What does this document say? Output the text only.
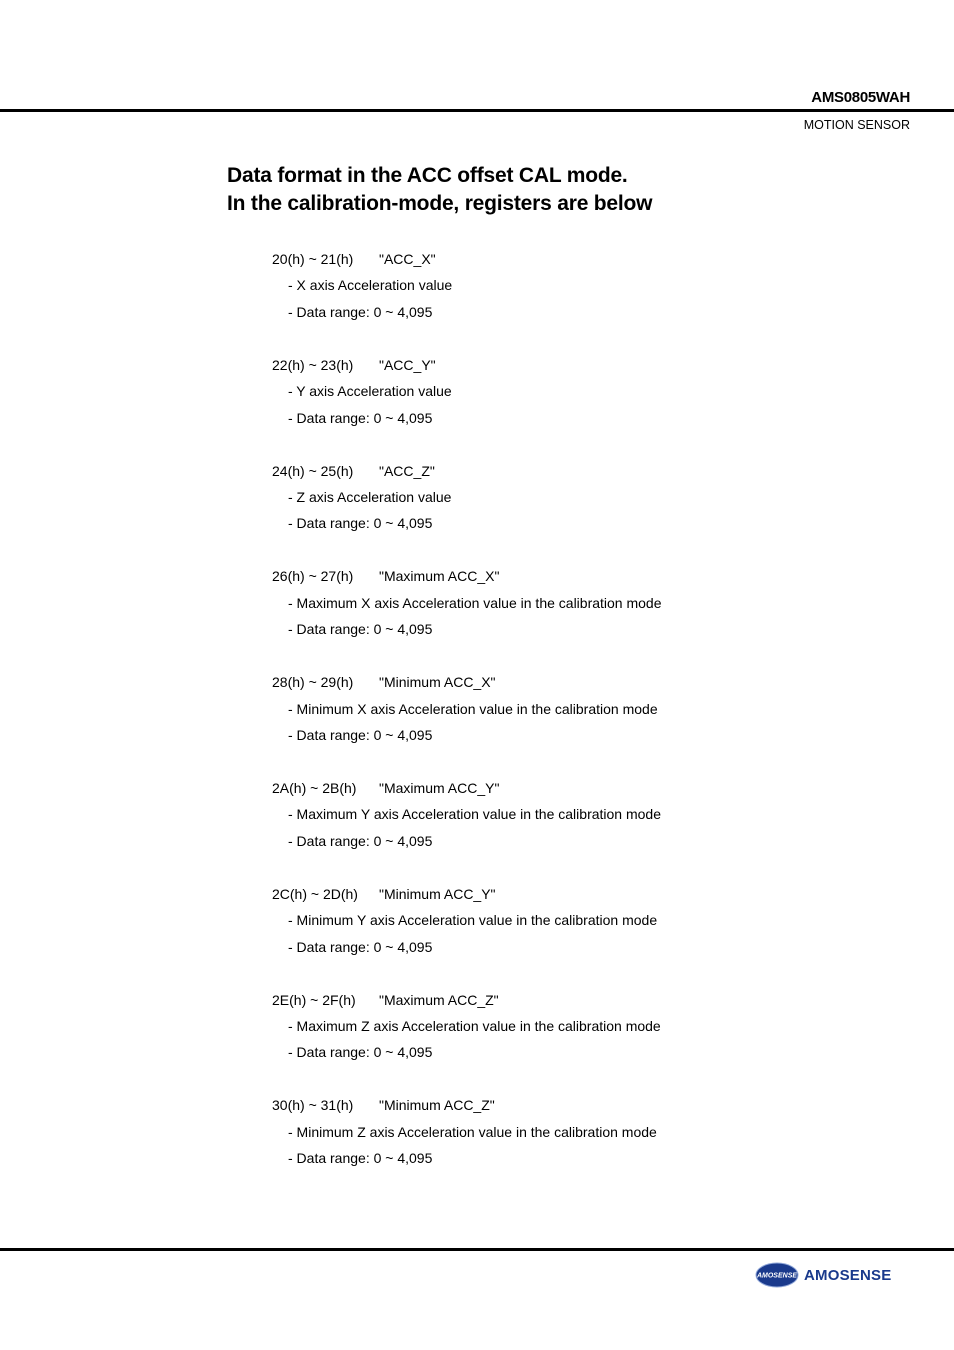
AMS0805WAH

MOTION SENSOR

Data format in the ACC offset CAL mode.
In the calibration-mode, registers are below
20(h) ~ 21(h) "ACC_X"
- X axis Acceleration value
- Data range: 0 ~ 4,095
22(h) ~ 23(h) "ACC_Y"
- Y axis Acceleration value
- Data range: 0 ~ 4,095
24(h) ~ 25(h) "ACC_Z"
- Z axis Acceleration value
- Data range: 0 ~ 4,095
26(h) ~ 27(h) "Maximum ACC_X"
- Maximum X axis Acceleration value in the calibration mode
- Data range: 0 ~ 4,095
28(h) ~ 29(h) "Minimum ACC_X"
- Minimum X axis Acceleration value in the calibration mode
- Data range: 0 ~ 4,095
2A(h) ~ 2B(h) "Maximum ACC_Y"
- Maximum Y axis Acceleration value in the calibration mode
- Data range: 0 ~ 4,095
2C(h) ~ 2D(h) "Minimum ACC_Y"
- Minimum Y axis Acceleration value in the calibration mode
- Data range: 0 ~ 4,095
2E(h) ~ 2F(h) "Maximum ACC_Z"
- Maximum Z axis Acceleration value in the calibration mode
- Data range: 0 ~ 4,095
30(h) ~ 31(h) "Minimum ACC_Z"
- Minimum Z axis Acceleration value in the calibration mode
- Data range: 0 ~ 4,095
AMOSENSE AMOSENSE
